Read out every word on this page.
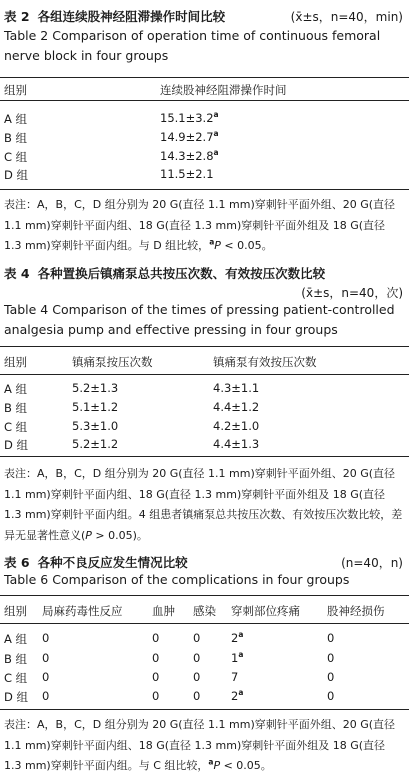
表 2 各组连续股神经阻滞操作时间比较	(x̄±s，n=40，min)
Table 2 Comparison of operation time of continuous femoral nerve block in four groups
组别	连续股神经阻滞操作时间
A 组	15.1±3.2$^a$
B 组	14.9±2.7$^a$
C 组	14.3±2.8$^a$
D 组	11.5±2.1
表注：A，B，C，D 组分别为 20 G(直径 1.1 mm)穿刺针平面外组、20 G(直径 1.1 mm)穿刺针平面内组、18 G(直径 1.3 mm)穿刺针平面外组及 18 G(直径 1.3 mm)穿刺针平面内组。与 D 组比较，$^a$P < 0.05。
表 4 各种置换后镇痛泵总共按压次数、有效按压次数比较
(x̄±s，n=40，次)
Table 4 Comparison of the times of pressing patient-controlled analgesia pump and effective pressing in four groups
组别	镇痛泵按压次数	镇痛泵有效按压次数
A 组	5.2±1.3	4.3±1.1
B 组	5.1±1.2	4.4±1.2
C 组	5.3±1.0	4.2±1.0
D 组	5.2±1.2	4.4±1.3
表注：A，B，C，D 组分别为 20 G(直径 1.1 mm)穿刺针平面外组、20 G(直径 1.1 mm)穿刺针平面内组、18 G(直径 1.3 mm)穿刺针平面外组及 18 G(直径 1.3 mm)穿刺针平面内组。4 组患者镇痛泵总共按压次数、有效按压次数比较，差异无显著性意义(P > 0.05)。
表 6 各种不良反应发生情况比较	(n=40，n)
Table 6 Comparison of the complications in four groups
组别 局麻药毒性反应	血肿 感染 穿刺部位疼痛 股神经损伤
A 组 0	0	0	2$^a$	0
B 组 0	0	0	1$^a$	0
C 组 0	0	0	7	0
D 组 0	0	0	2$^a$	0
表注：A，B，C，D 组分别为 20 G(直径 1.1 mm)穿刺针平面外组、20 G(直径 1.1 mm)穿刺针平面内组、18 G(直径 1.3 mm)穿刺针平面外组及 18 G(直径 1.3 mm)穿刺针平面内组。与 C 组比较，$^a$P < 0.05。
